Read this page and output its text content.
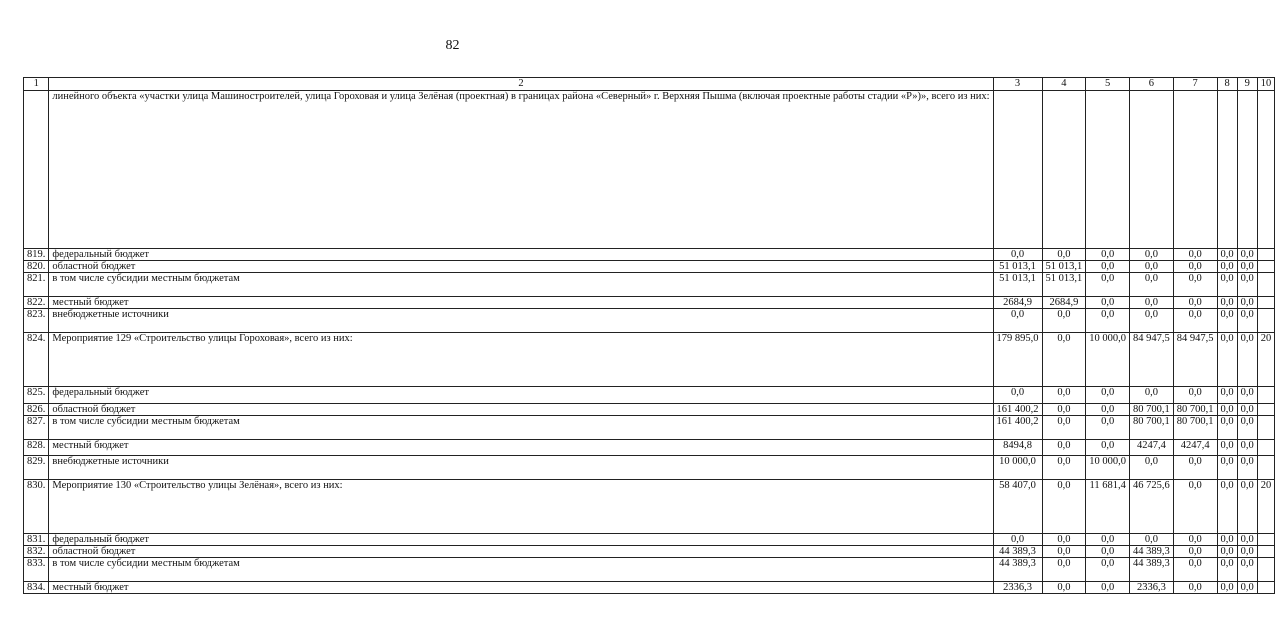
82
1	2	3	4	5	6	7	8	9	10
	линейного объекта «участки улица Машиностроителей, улица Гороховая и улица Зелёная (проектная) в границах района «Северный» г. Верхняя Пышма (включая проектные работы стадии «Р»)», всего из них:								
819.	федеральный бюджет	0,0	0,0	0,0	0,0	0,0	0,0	0,0	
820.	областной бюджет	51 013,1	51 013,1	0,0	0,0	0,0	0,0	0,0	
821.	в том числе субсидии местным бюджетам	51 013,1	51 013,1	0,0	0,0	0,0	0,0	0,0	
822.	местный бюджет	2684,9	2684,9	0,0	0,0	0,0	0,0	0,0	
823.	внебюджетные источники	0,0	0,0	0,0	0,0	0,0	0,0	0,0	
824.	Мероприятие 129 «Строительство улицы Гороховая», всего из них:	179 895,0	0,0	10 000,0	84 947,5	84 947,5	0,0	0,0	20
825.	федеральный бюджет	0,0	0,0	0,0	0,0	0,0	0,0	0,0	
826.	областной бюджет	161 400,2	0,0	0,0	80 700,1	80 700,1	0,0	0,0	
827.	в том числе субсидии местным бюджетам	161 400,2	0,0	0,0	80 700,1	80 700,1	0,0	0,0	
828.	местный бюджет	8494,8	0,0	0,0	4247,4	4247,4	0,0	0,0	
829.	внебюджетные источники	10 000,0	0,0	10 000,0	0,0	0,0	0,0	0,0	
830.	Мероприятие 130 «Строительство улицы Зелёная», всего из них:	58 407,0	0,0	11 681,4	46 725,6	0,0	0,0	0,0	20
831.	федеральный бюджет	0,0	0,0	0,0	0,0	0,0	0,0	0,0	
832.	областной бюджет	44 389,3	0,0	0,0	44 389,3	0,0	0,0	0,0	
833.	в том числе субсидии местным бюджетам	44 389,3	0,0	0,0	44 389,3	0,0	0,0	0,0	
834.	местный бюджет	2336,3	0,0	0,0	2336,3	0,0	0,0	0,0	
